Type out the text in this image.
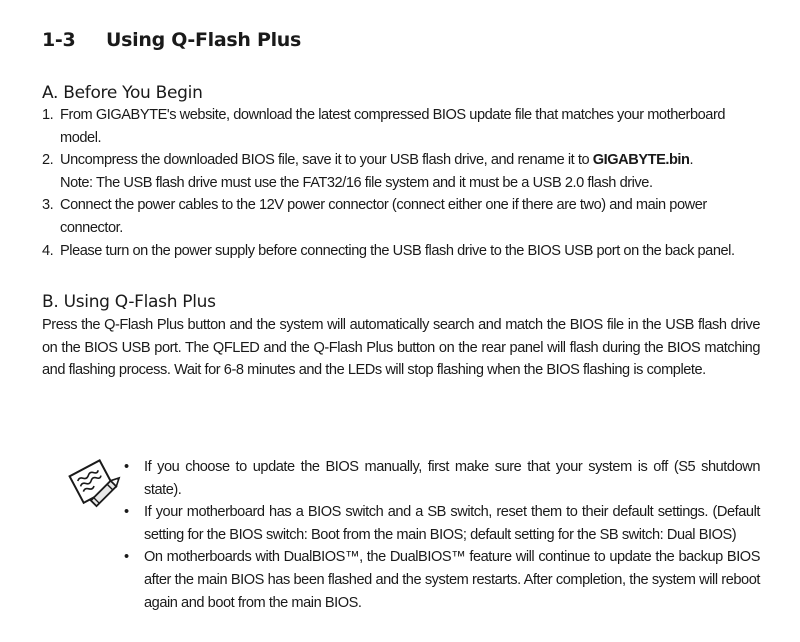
1-3 Using Q-Flash Plus
A. Before You Begin
1. From GIGABYTE's website, download the latest compressed BIOS update file that matches your motherboard model.
2. Uncompress the downloaded BIOS file, save it to your USB flash drive, and rename it to GIGABYTE.bin.
Note: The USB flash drive must use the FAT32/16 file system and it must be a USB 2.0 flash drive.
3. Connect the power cables to the 12V power connector (connect either one if there are two) and main power connector.
4. Please turn on the power supply before connecting the USB flash drive to the BIOS USB port on the back panel.
B. Using Q-Flash Plus

Press the Q-Flash Plus button and the system will automatically search and match the BIOS file in the USB flash drive on the BIOS USB port. The QFLED and the Q-Flash Plus button on the rear panel will flash during the BIOS matching and flashing process. Wait for 6-8 minutes and the LEDs will stop flashing when the BIOS flashing is complete.

• If you choose to update the BIOS manually, first make sure that your system is off (S5 shutdown state).
• If your motherboard has a BIOS switch and a SB switch, reset them to their default settings. (Default setting for the BIOS switch: Boot from the main BIOS; default setting for the SB switch: Dual BIOS)
• On motherboards with DualBIOS™, the DualBIOS™ feature will continue to update the backup BIOS after the main BIOS has been flashed and the system restarts. After completion, the system will reboot again and boot from the main BIOS.
